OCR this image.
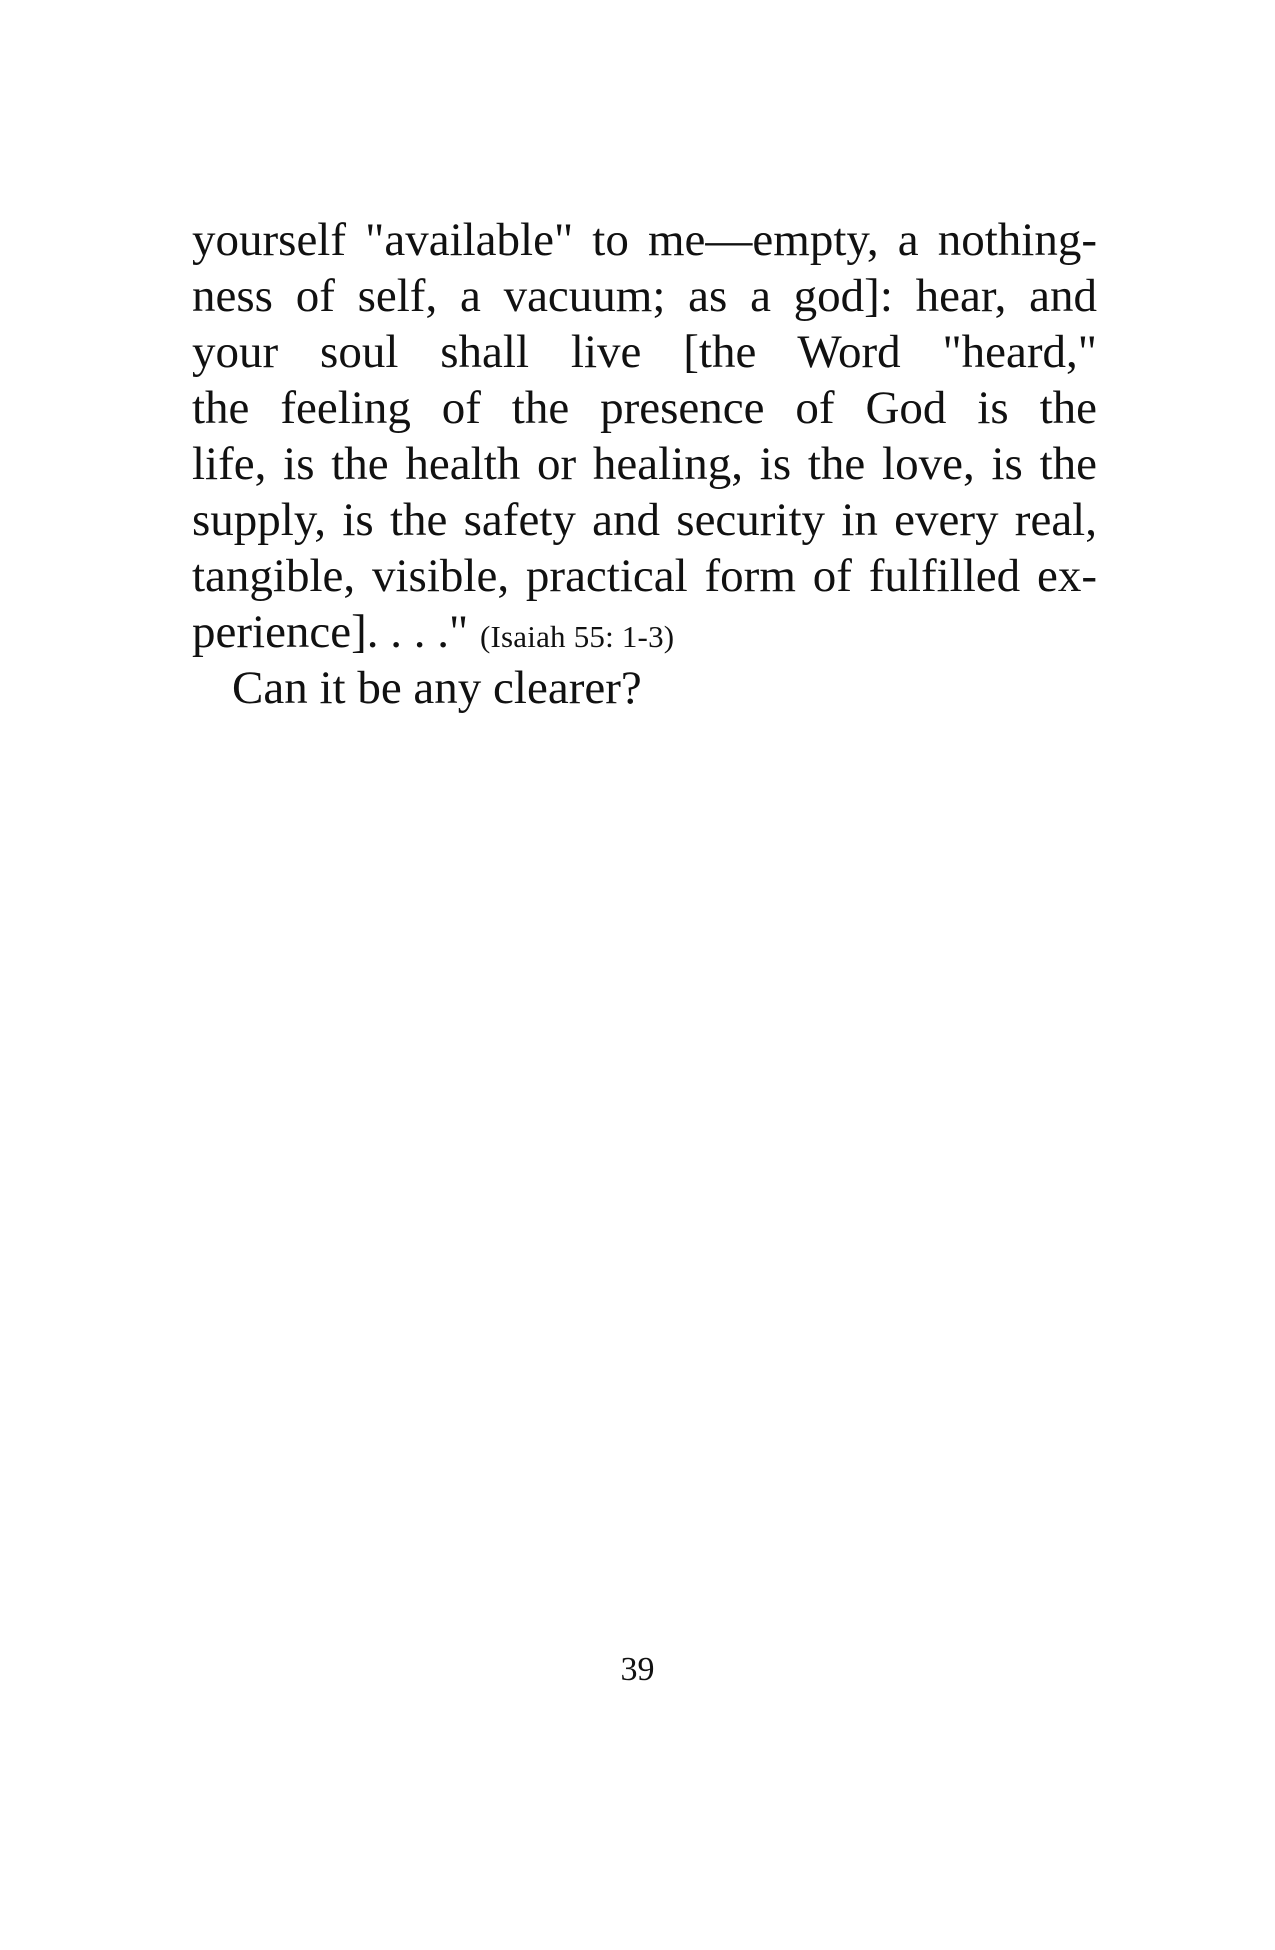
yourself "available" to me—empty, a nothing-
ness of self, a vacuum; as a god]: hear, and
your soul shall live [the Word "heard,"
the feeling of the presence of God is the
life, is the health or healing, is the love, is the
supply, is the safety and security in every real,
tangible, visible, practical form of fulfilled ex-
perience]. . . ." (Isaiah 55: 1-3)
Can it be any clearer?
39
